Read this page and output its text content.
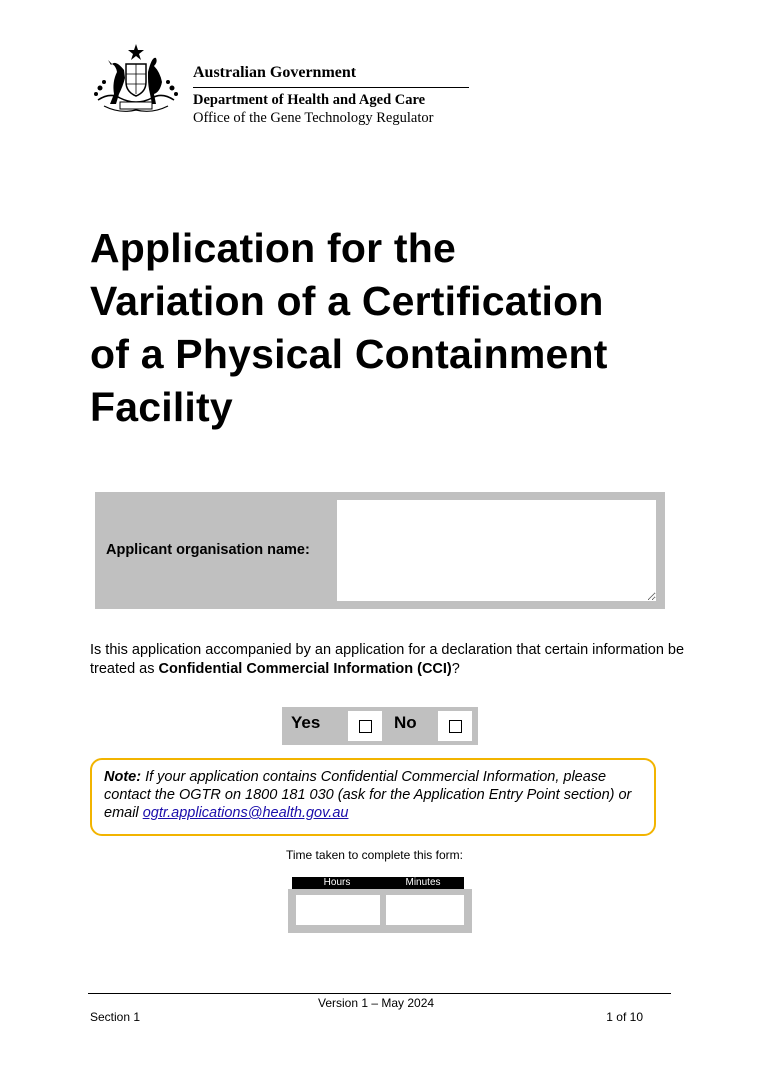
Australian Government
Department of Health and Aged Care
Office of the Gene Technology Regulator
Application for the
Variation of a Certification
of a Physical Containment
Facility
Applicant organisation name:

Is this application accompanied by an application for a declaration that certain information be treated as Confidential Commercial Information (CCI)?

Yes	No
Note: If your application contains Confidential Commercial Information, please contact the OGTR on 1800 181 030 (ask for the Application Entry Point section) or email ogtr.applications@health.gov.au
Time taken to complete this form:
Hours	Minutes
Version 1 – May 2024
Section 1	1 of 10
